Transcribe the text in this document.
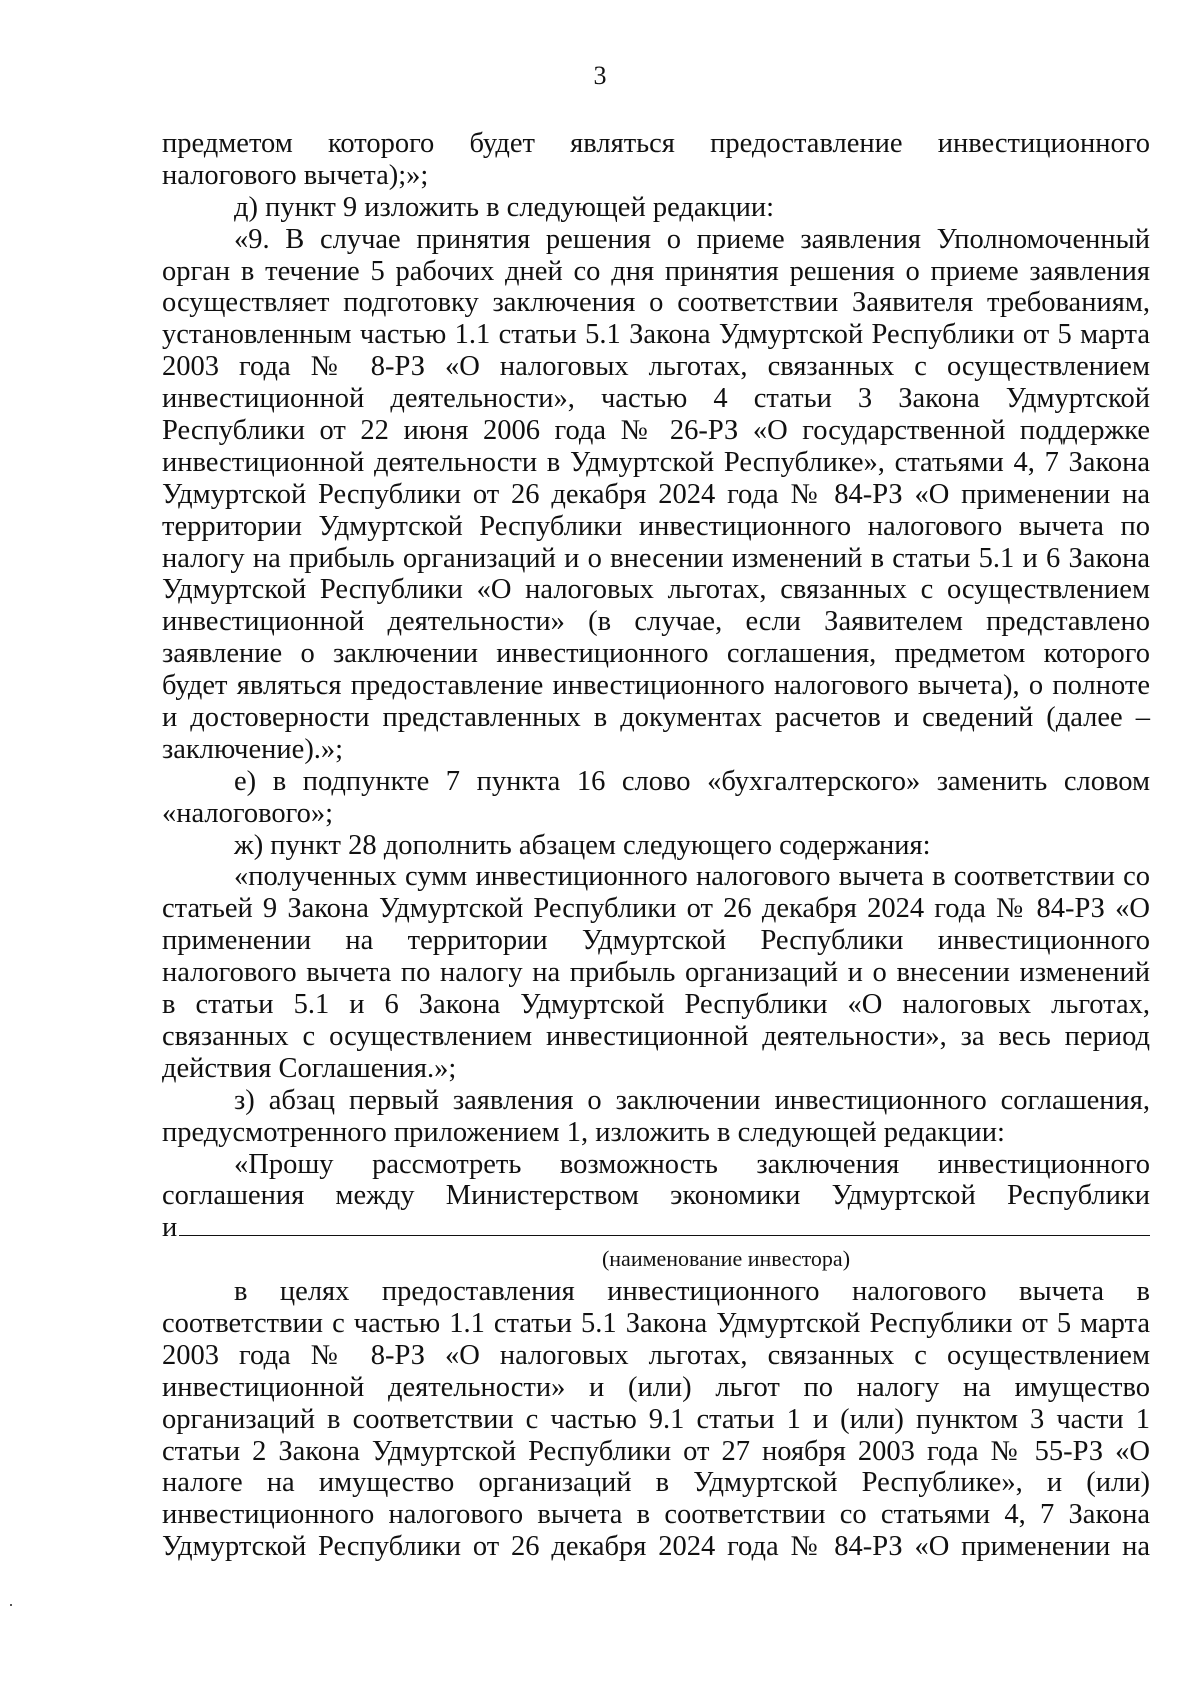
3
предметом которого будет являться предоставление инвестиционного
налогового вычета);»;
д) пункт 9 изложить в следующей редакции:
«9. В случае принятия решения о приеме заявления Уполномоченный
орган в течение 5 рабочих дней со дня принятия решения о приеме заявления
осуществляет подготовку заключения о соответствии Заявителя требованиям,
установленным частью 1.1 статьи 5.1 Закона Удмуртской Республики от 5 марта
2003 года № 8-РЗ «О налоговых льготах, связанных с осуществлением
инвестиционной деятельности», частью 4 статьи 3 Закона Удмуртской
Республики от 22 июня 2006 года № 26-РЗ «О государственной поддержке
инвестиционной деятельности в Удмуртской Республике», статьями 4, 7 Закона
Удмуртской Республики от 26 декабря 2024 года № 84-РЗ «О применении на
территории Удмуртской Республики инвестиционного налогового вычета по
налогу на прибыль организаций и о внесении изменений в статьи 5.1 и 6 Закона
Удмуртской Республики «О налоговых льготах, связанных с осуществлением
инвестиционной деятельности» (в случае, если Заявителем представлено
заявление о заключении инвестиционного соглашения, предметом которого
будет являться предоставление инвестиционного налогового вычета), о полноте
и достоверности представленных в документах расчетов и сведений (далее –
заключение).»;
е) в подпункте 7 пункта 16 слово «бухгалтерского» заменить словом
«налогового»;
ж) пункт 28 дополнить абзацем следующего содержания:
«полученных сумм инвестиционного налогового вычета в соответствии со
статьей 9 Закона Удмуртской Республики от 26 декабря 2024 года № 84-РЗ «О
применении на территории Удмуртской Республики инвестиционного
налогового вычета по налогу на прибыль организаций и о внесении изменений
в статьи 5.1 и 6 Закона Удмуртской Республики «О налоговых льготах,
связанных с осуществлением инвестиционной деятельности», за весь период
действия Соглашения.»;
з) абзац первый заявления о заключении инвестиционного соглашения,
предусмотренного приложением 1, изложить в следующей редакции:
«Прошу рассмотреть возможность заключения инвестиционного
соглашения между Министерством экономики Удмуртской Республики
и
(наименование инвестора)
в целях предоставления инвестиционного налогового вычета в
соответствии с частью 1.1 статьи 5.1 Закона Удмуртской Республики от 5 марта
2003 года № 8-РЗ «О налоговых льготах, связанных с осуществлением
инвестиционной деятельности» и (или) льгот по налогу на имущество
организаций в соответствии с частью 9.1 статьи 1 и (или) пунктом 3 части 1
статьи 2 Закона Удмуртской Республики от 27 ноября 2003 года № 55-РЗ «О
налоге на имущество организаций в Удмуртской Республике», и (или)
инвестиционного налогового вычета в соответствии со статьями 4, 7 Закона
Удмуртской Республики от 26 декабря 2024 года № 84-РЗ «О применении на
